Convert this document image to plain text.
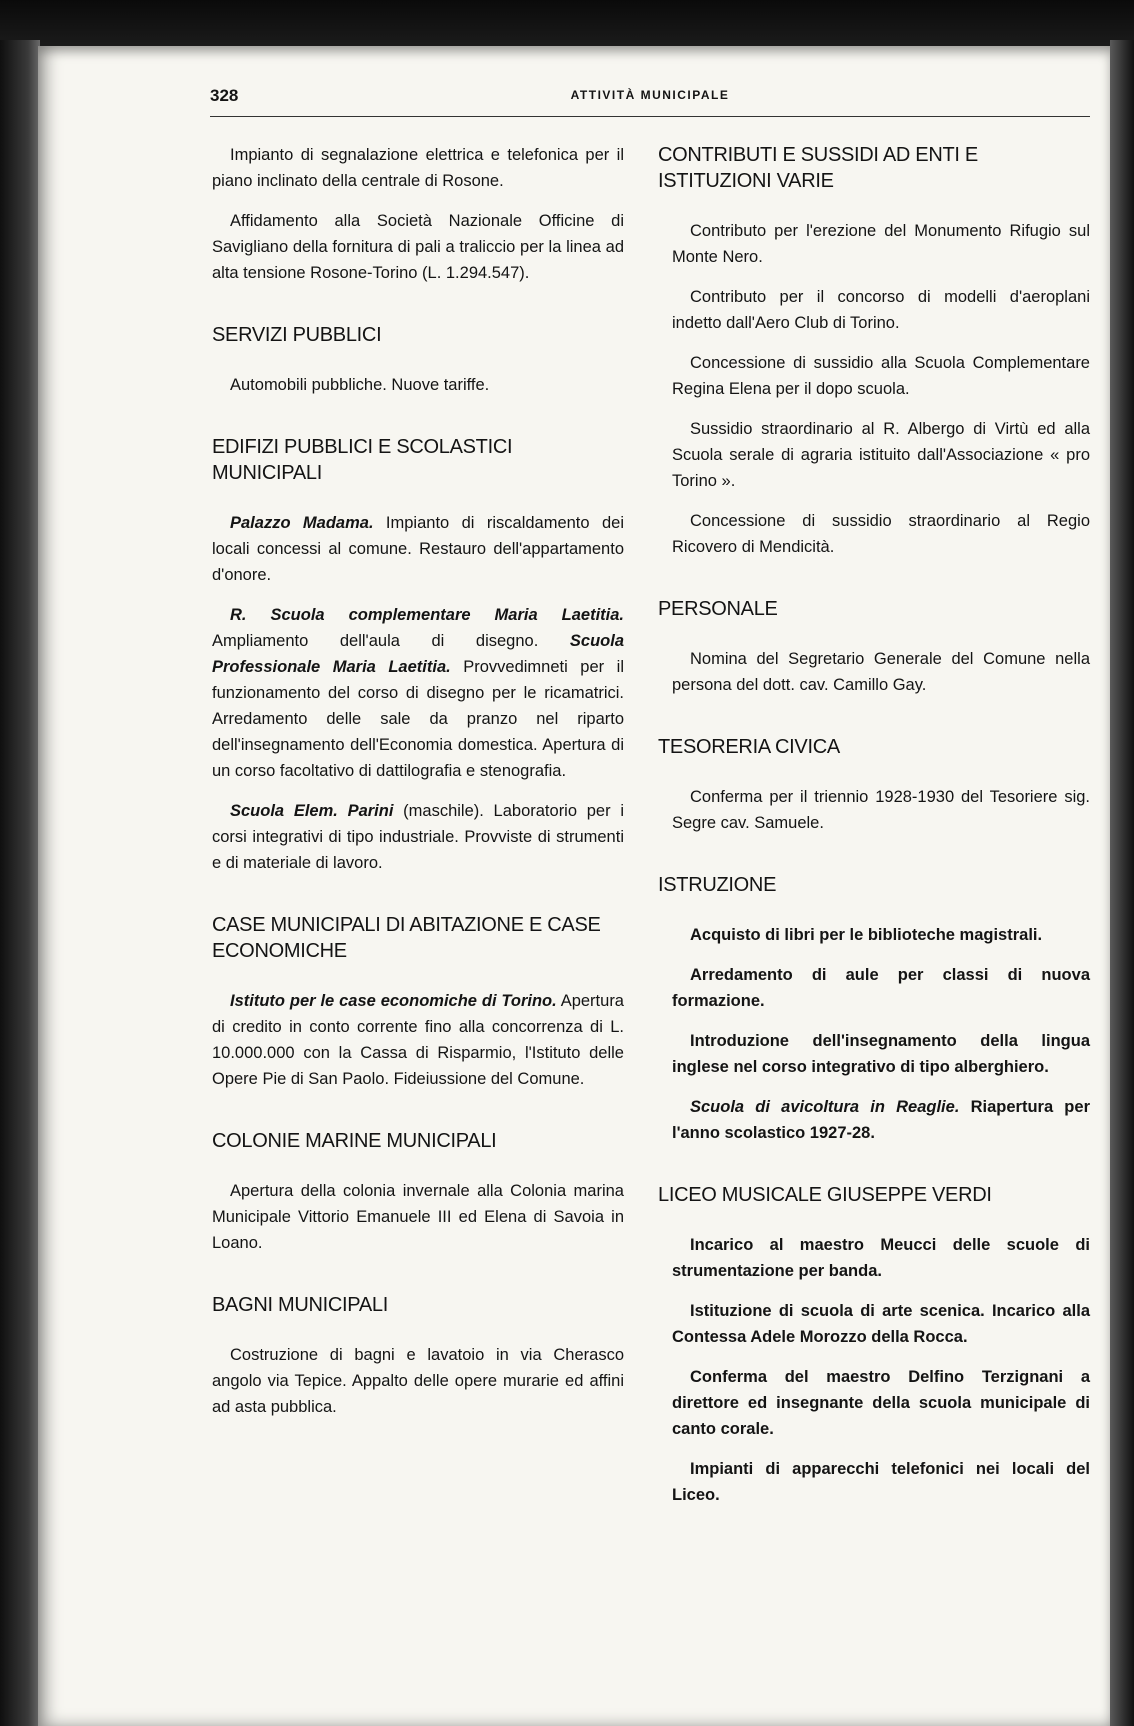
328	ATTIVITÀ MUNICIPALE

Impianto di segnalazione elettrica e telefonica per il piano inclinato della centrale di Rosone.

Affidamento alla Società Nazionale Officine di Savigliano della fornitura di pali a traliccio per la linea ad alta tensione Rosone-Torino (L. 1.294.547).

SERVIZI PUBBLICI

Automobili pubbliche. Nuove tariffe.

EDIFIZI PUBBLICI E SCOLASTICI MUNICIPALI

Palazzo Madama. Impianto di riscaldamento dei locali concessi al comune. Restauro dell'appartamento d'onore.

R. Scuola complementare Maria Laetitia. Ampliamento dell'aula di disegno. Scuola Professionale Maria Laetitia. Provvedimneti per il funzionamento del corso di disegno per le ricamatrici. Arredamento delle sale da pranzo nel riparto dell'insegnamento dell'Economia domestica. Apertura di un corso facoltativo di dattilografia e stenografia.

Scuola Elem. Parini (maschile). Laboratorio per i corsi integrativi di tipo industriale. Provviste di strumenti e di materiale di lavoro.

CASE MUNICIPALI DI ABITAZIONE E CASE ECONOMICHE

Istituto per le case economiche di Torino. Apertura di credito in conto corrente fino alla concorrenza di L. 10.000.000 con la Cassa di Risparmio, l'Istituto delle Opere Pie di San Paolo. Fideiussione del Comune.

COLONIE MARINE MUNICIPALI

Apertura della colonia invernale alla Colonia marina Municipale Vittorio Emanuele III ed Elena di Savoia in Loano.

BAGNI MUNICIPALI

Costruzione di bagni e lavatoio in via Cherasco angolo via Tepice. Appalto delle opere murarie ed affini ad asta pubblica.

CONTRIBUTI E SUSSIDI AD ENTI E ISTITUZIONI VARIE

Contributo per l'erezione del Monumento Rifugio sul Monte Nero.

Contributo per il concorso di modelli d'aeroplani indetto dall'Aero Club di Torino.

Concessione di sussidio alla Scuola Complementare Regina Elena per il dopo scuola.

Sussidio straordinario al R. Albergo di Virtù ed alla Scuola serale di agraria istituito dall'Associazione « pro Torino ».

Concessione di sussidio straordinario al Regio Ricovero di Mendicità.

PERSONALE

Nomina del Segretario Generale del Comune nella persona del dott. cav. Camillo Gay.

TESORERIA CIVICA

Conferma per il triennio 1928-1930 del Tesoriere sig. Segre cav. Samuele.

ISTRUZIONE

Acquisto di libri per le biblioteche magistrali.

Arredamento di aule per classi di nuova formazione.

Introduzione dell'insegnamento della lingua inglese nel corso integrativo di tipo alberghiero.

Scuola di avicoltura in Reaglie. Riapertura per l'anno scolastico 1927-28.

LICEO MUSICALE GIUSEPPE VERDI

Incarico al maestro Meucci delle scuole di strumentazione per banda.

Istituzione di scuola di arte scenica. Incarico alla Contessa Adele Morozzo della Rocca.

Conferma del maestro Delfino Terzignani a direttore ed insegnante della scuola municipale di canto corale.

Impianti di apparecchi telefonici nei locali del Liceo.
